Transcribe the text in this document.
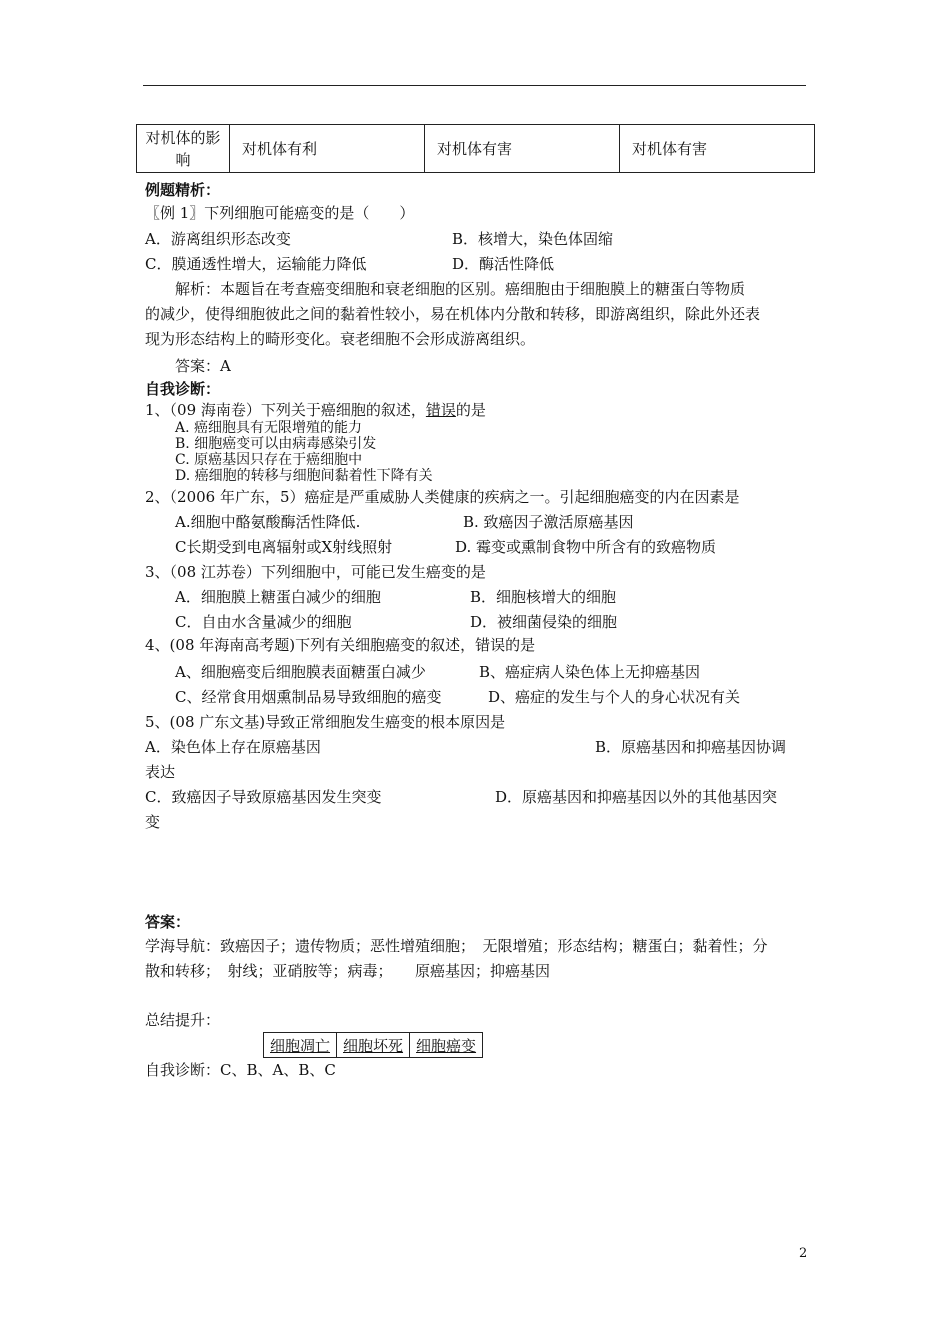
对机体的影响	对机体有利	对机体有害	对机体有害
例题精析：
〖例 1〗下列细胞可能癌变的是（　　）
A．游离组织形态改变	B．核增大，染色体固缩
C．膜通透性增大，运输能力降低	D．酶活性降低
解析：本题旨在考查癌变细胞和衰老细胞的区别。癌细胞由于细胞膜上的糖蛋白等物质
的减少，使得细胞彼此之间的黏着性较小，易在机体内分散和转移，即游离组织，除此外还表
现为形态结构上的畸形变化。衰老细胞不会形成游离组织。
答案：A
自我诊断：
1、（09 海南卷）下列关于癌细胞的叙述，错误的是
A. 癌细胞具有无限增殖的能力
B. 细胞癌变可以由病毒感染引发
C. 原癌基因只存在于癌细胞中
D. 癌细胞的转移与细胞间黏着性下降有关
2、（2006 年广东，5）癌症是严重威胁人类健康的疾病之一。引起细胞癌变的内在因素是
A.细胞中酪氨酸酶活性降低.	B. 致癌因子激活原癌基因
C长期受到电离辐射或X射线照射	D. 霉变或熏制食物中所含有的致癌物质
3、（08 江苏卷）下列细胞中，可能已发生癌变的是
A．细胞膜上糖蛋白减少的细胞	B．细胞核增大的细胞
C．自由水含量减少的细胞	D．被细菌侵染的细胞
4、(08 年海南高考题)下列有关细胞癌变的叙述，错误的是
A、细胞癌变后细胞膜表面糖蛋白减少	B、癌症病人染色体上无抑癌基因
C、经常食用烟熏制品易导致细胞的癌变	D、癌症的发生与个人的身心状况有关
5、(08 广东文基)导致正常细胞发生癌变的根本原因是
A．染色体上存在原癌基因	B．原癌基因和抑癌基因协调
表达
C．致癌因子导致原癌基因发生突变	D．原癌基因和抑癌基因以外的其他基因突
变
答案：
学海导航：致癌因子；遗传物质；恶性增殖细胞；　无限增殖；形态结构；糖蛋白；黏着性；分
散和转移；　射线；亚硝胺等；病毒；　　原癌基因；抑癌基因
总结提升：
细胞凋亡	细胞坏死	细胞癌变
自我诊断：C、B、A、B、C
2
